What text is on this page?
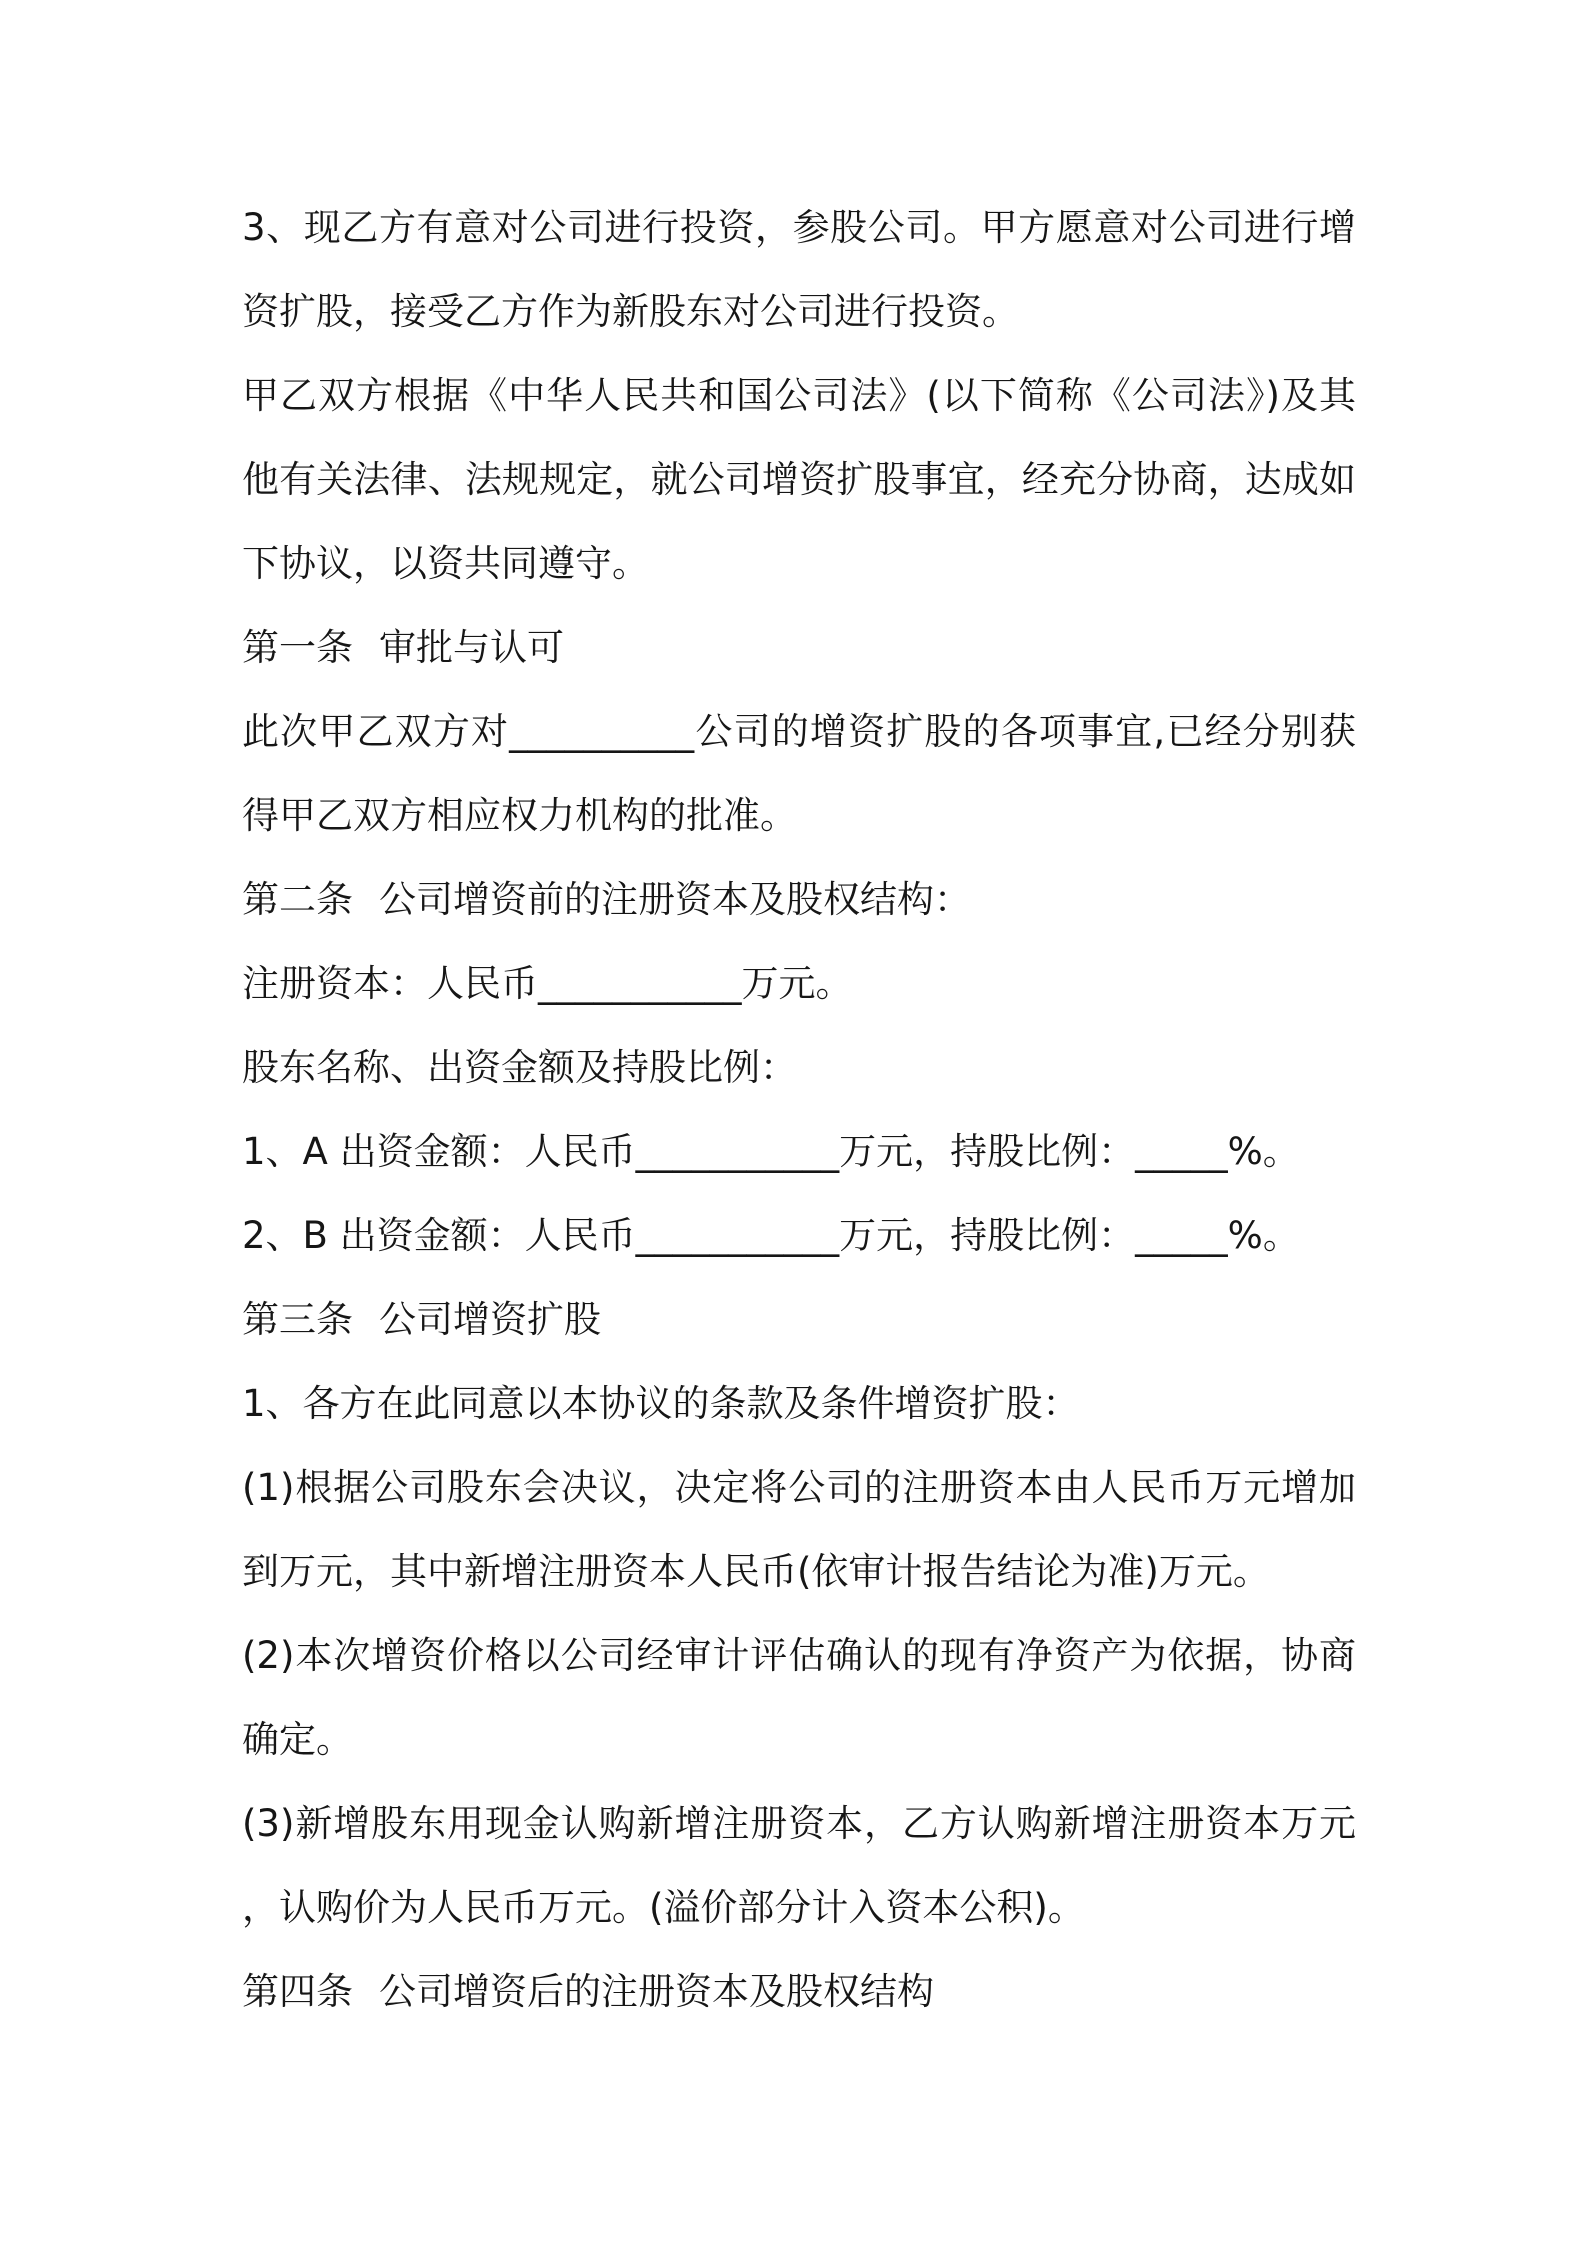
3、现乙方有意对公司进行投资，参股公司。甲方愿意对公司进行增
资扩股，接受乙方作为新股东对公司进行投资。
甲乙双方根据《中华人民共和国公司法》(以下简称《公司法》)及其
他有关法律、法规规定，就公司增资扩股事宜，经充分协商，达成如
下协议，以资共同遵守。
第一条 审批与认可
此次甲乙双方对__________公司的增资扩股的各项事宜,已经分别获
得甲乙双方相应权力机构的批准。
第二条 公司增资前的注册资本及股权结构：
注册资本：人民币___________万元。
股东名称、出资金额及持股比例：
1、A 出资金额：人民币___________万元，持股比例：_____%。
2、B 出资金额：人民币___________万元，持股比例：_____%。
第三条 公司增资扩股
1、各方在此同意以本协议的条款及条件增资扩股：
(1)根据公司股东会决议，决定将公司的注册资本由人民币万元增加
到万元，其中新增注册资本人民币(依审计报告结论为准)万元。
(2)本次增资价格以公司经审计评估确认的现有净资产为依据，协商
确定。
(3)新增股东用现金认购新增注册资本，乙方认购新增注册资本万元
，认购价为人民币万元。(溢价部分计入资本公积)。
第四条 公司增资后的注册资本及股权结构
